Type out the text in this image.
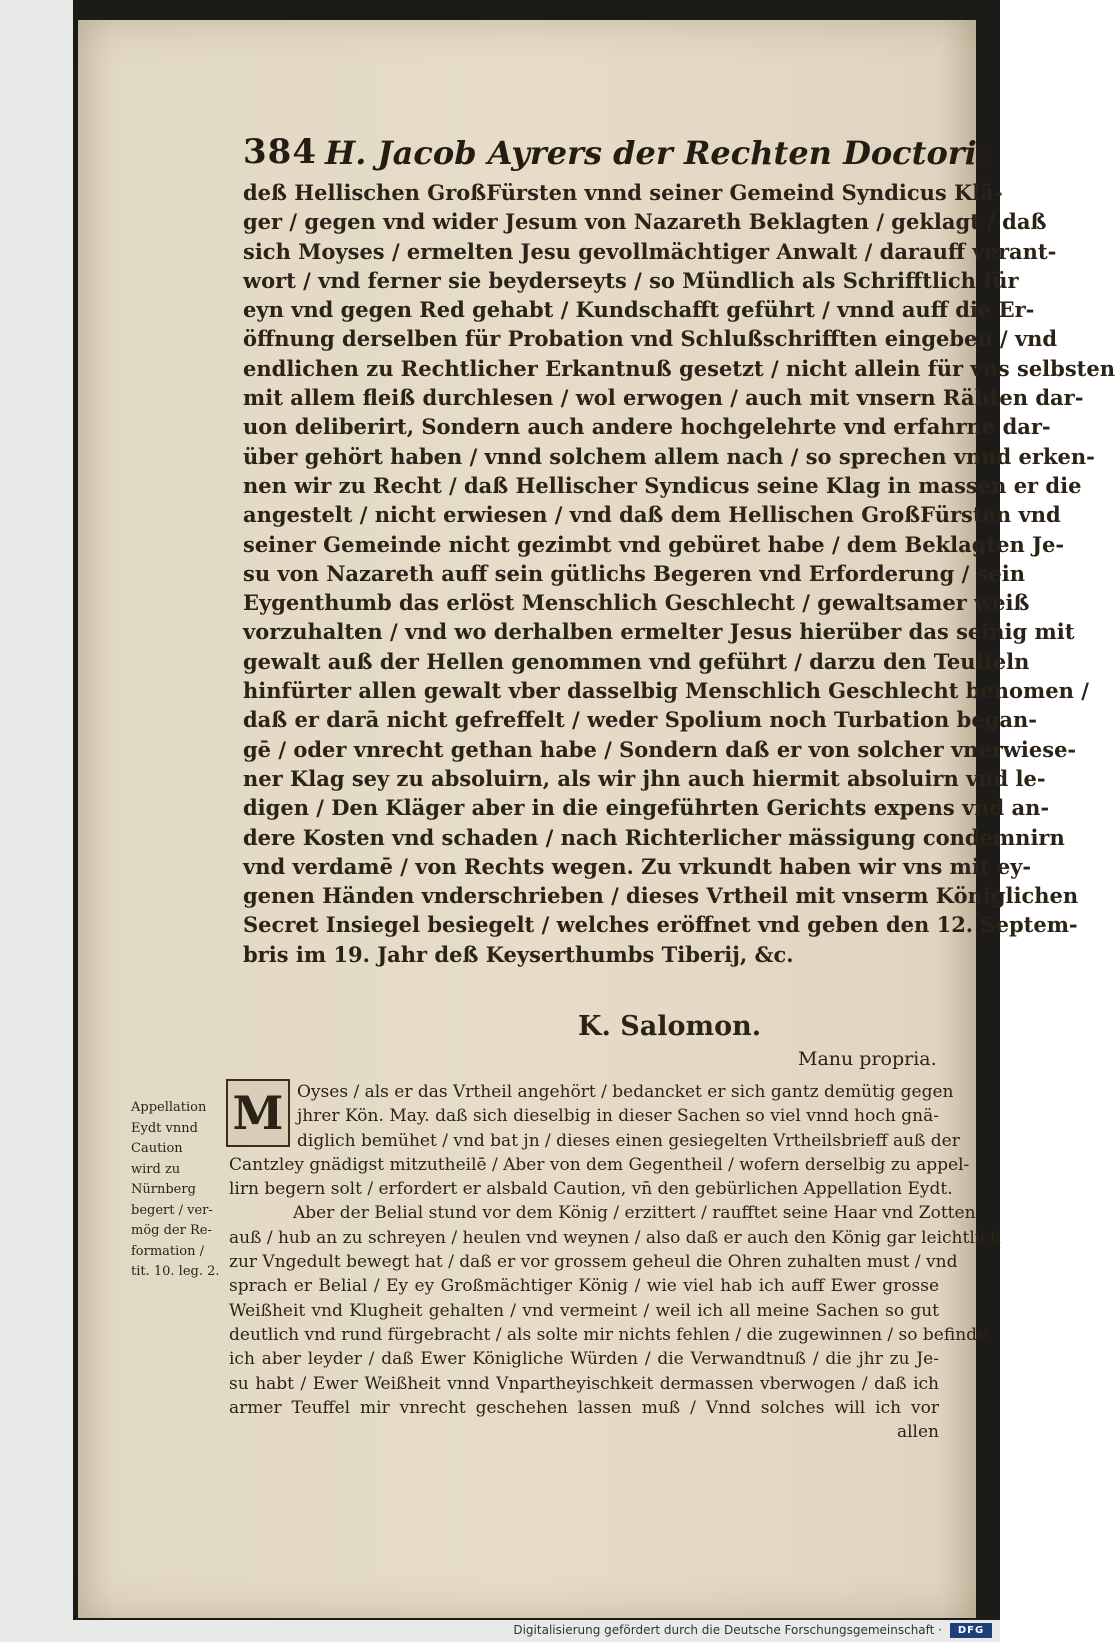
384 H. Jacob Ayrers der Rechten Doctoris
deß Hellischen GroßFürsten vnnd seiner Gemeind Syndicus Klä-
ger / gegen vnd wider Jesum von Nazareth Beklagten / geklagt / daß
sich Moyses / ermelten Jesu gevollmächtiger Anwalt / darauff verant-
wort / vnd ferner sie beyderseyts / so Mündlich als Schrifftlich für
eyn vnd gegen Red gehabt / Kundschafft geführt / vnnd auff die Er-
öffnung derselben für Probation vnd Schlußschrifften eingeben / vnd
endlichen zu Rechtlicher Erkantnuß gesetzt / nicht allein für vns selbsten
mit allem fleiß durchlesen / wol erwogen / auch mit vnsern Rähten dar-
uon deliberirt, Sondern auch andere hochgelehrte vnd erfahrne dar-
über gehört haben / vnnd solchem allem nach / so sprechen vnnd erken-
nen wir zu Recht / daß Hellischer Syndicus seine Klag in massen er die
angestelt / nicht erwiesen / vnd daß dem Hellischen GroßFürsten vnd
seiner Gemeinde nicht gezimbt vnd gebüret habe / dem Beklagten Je-
su von Nazareth auff sein gütlichs Begeren vnd Erforderung / sein
Eygenthumb das erlöst Menschlich Geschlecht / gewaltsamer weiß
vorzuhalten / vnd wo derhalben ermelter Jesus hierüber das seinig mit
gewalt auß der Hellen genommen vnd geführt / darzu den Teuffeln
hinfürter allen gewalt vber dasselbig Menschlich Geschlecht benomen /
daß er darā nicht gefreffelt / weder Spolium noch Turbation began-
gē / oder vnrecht gethan habe / Sondern daß er von solcher vnerwiese-
ner Klag sey zu absoluirn, als wir jhn auch hiermit absoluirn vnd le-
digen / Den Kläger aber in die eingeführten Gerichts expens vnd an-
dere Kosten vnd schaden / nach Richterlicher mässigung condemnirn
vnd verdamē / von Rechts wegen. Zu vrkundt haben wir vns mit ey-
genen Händen vnderschrieben / dieses Vrtheil mit vnserm Königlichen
Secret Insiegel besiegelt / welches eröffnet vnd geben den 12. Septem-
bris im 19. Jahr deß Keyserthumbs Tiberij, &c.
K. Salomon.
Manu propria.
M
Appellation
Eydt vnnd
Caution
wird zu
Nürnberg
begert / ver-
mög der Re-
formation /
tit. 10. leg. 2.
Oyses / als er das Vrtheil angehört / bedancket er sich gantz demütig gegen
jhrer Kön. May. daß sich dieselbig in dieser Sachen so viel vnnd hoch gnä-
diglich bemühet / vnd bat jn / dieses einen gesiegelten Vrtheilsbrieff auß der
Cantzley gnädigst mitzutheilē / Aber von dem Gegentheil / wofern derselbig zu appel-
lirn begern solt / erfordert er alsbald Caution, vn̄ den gebürlichen Appellation Eydt.
Aber der Belial stund vor dem König / erzittert / raufftet seine Haar vnd Zotten
auß / hub an zu schreyen / heulen vnd weynen / also daß er auch den König gar leichtlich
zur Vngedult bewegt hat / daß er vor grossem geheul die Ohren zuhalten must / vnd
sprach er Belial / Ey ey Großmächtiger König / wie viel hab ich auff Ewer grosse
Weißheit vnd Klugheit gehalten / vnd vermeint / weil ich all meine Sachen so gut
deutlich vnd rund fürgebracht / als solte mir nichts fehlen / die zugewinnen / so befinde
ich aber leyder / daß Ewer Königliche Würden / die Verwandtnuß / die jhr zu Je-
su habt / Ewer Weißheit vnnd Vnpartheyischkeit dermassen vberwogen / daß ich
armer Teuffel mir vnrecht geschehen lassen muß / Vnnd solches will ich vor
allen
Digitalisierung gefördert durch die Deutsche Forschungsgemeinschaft ·	DFG
